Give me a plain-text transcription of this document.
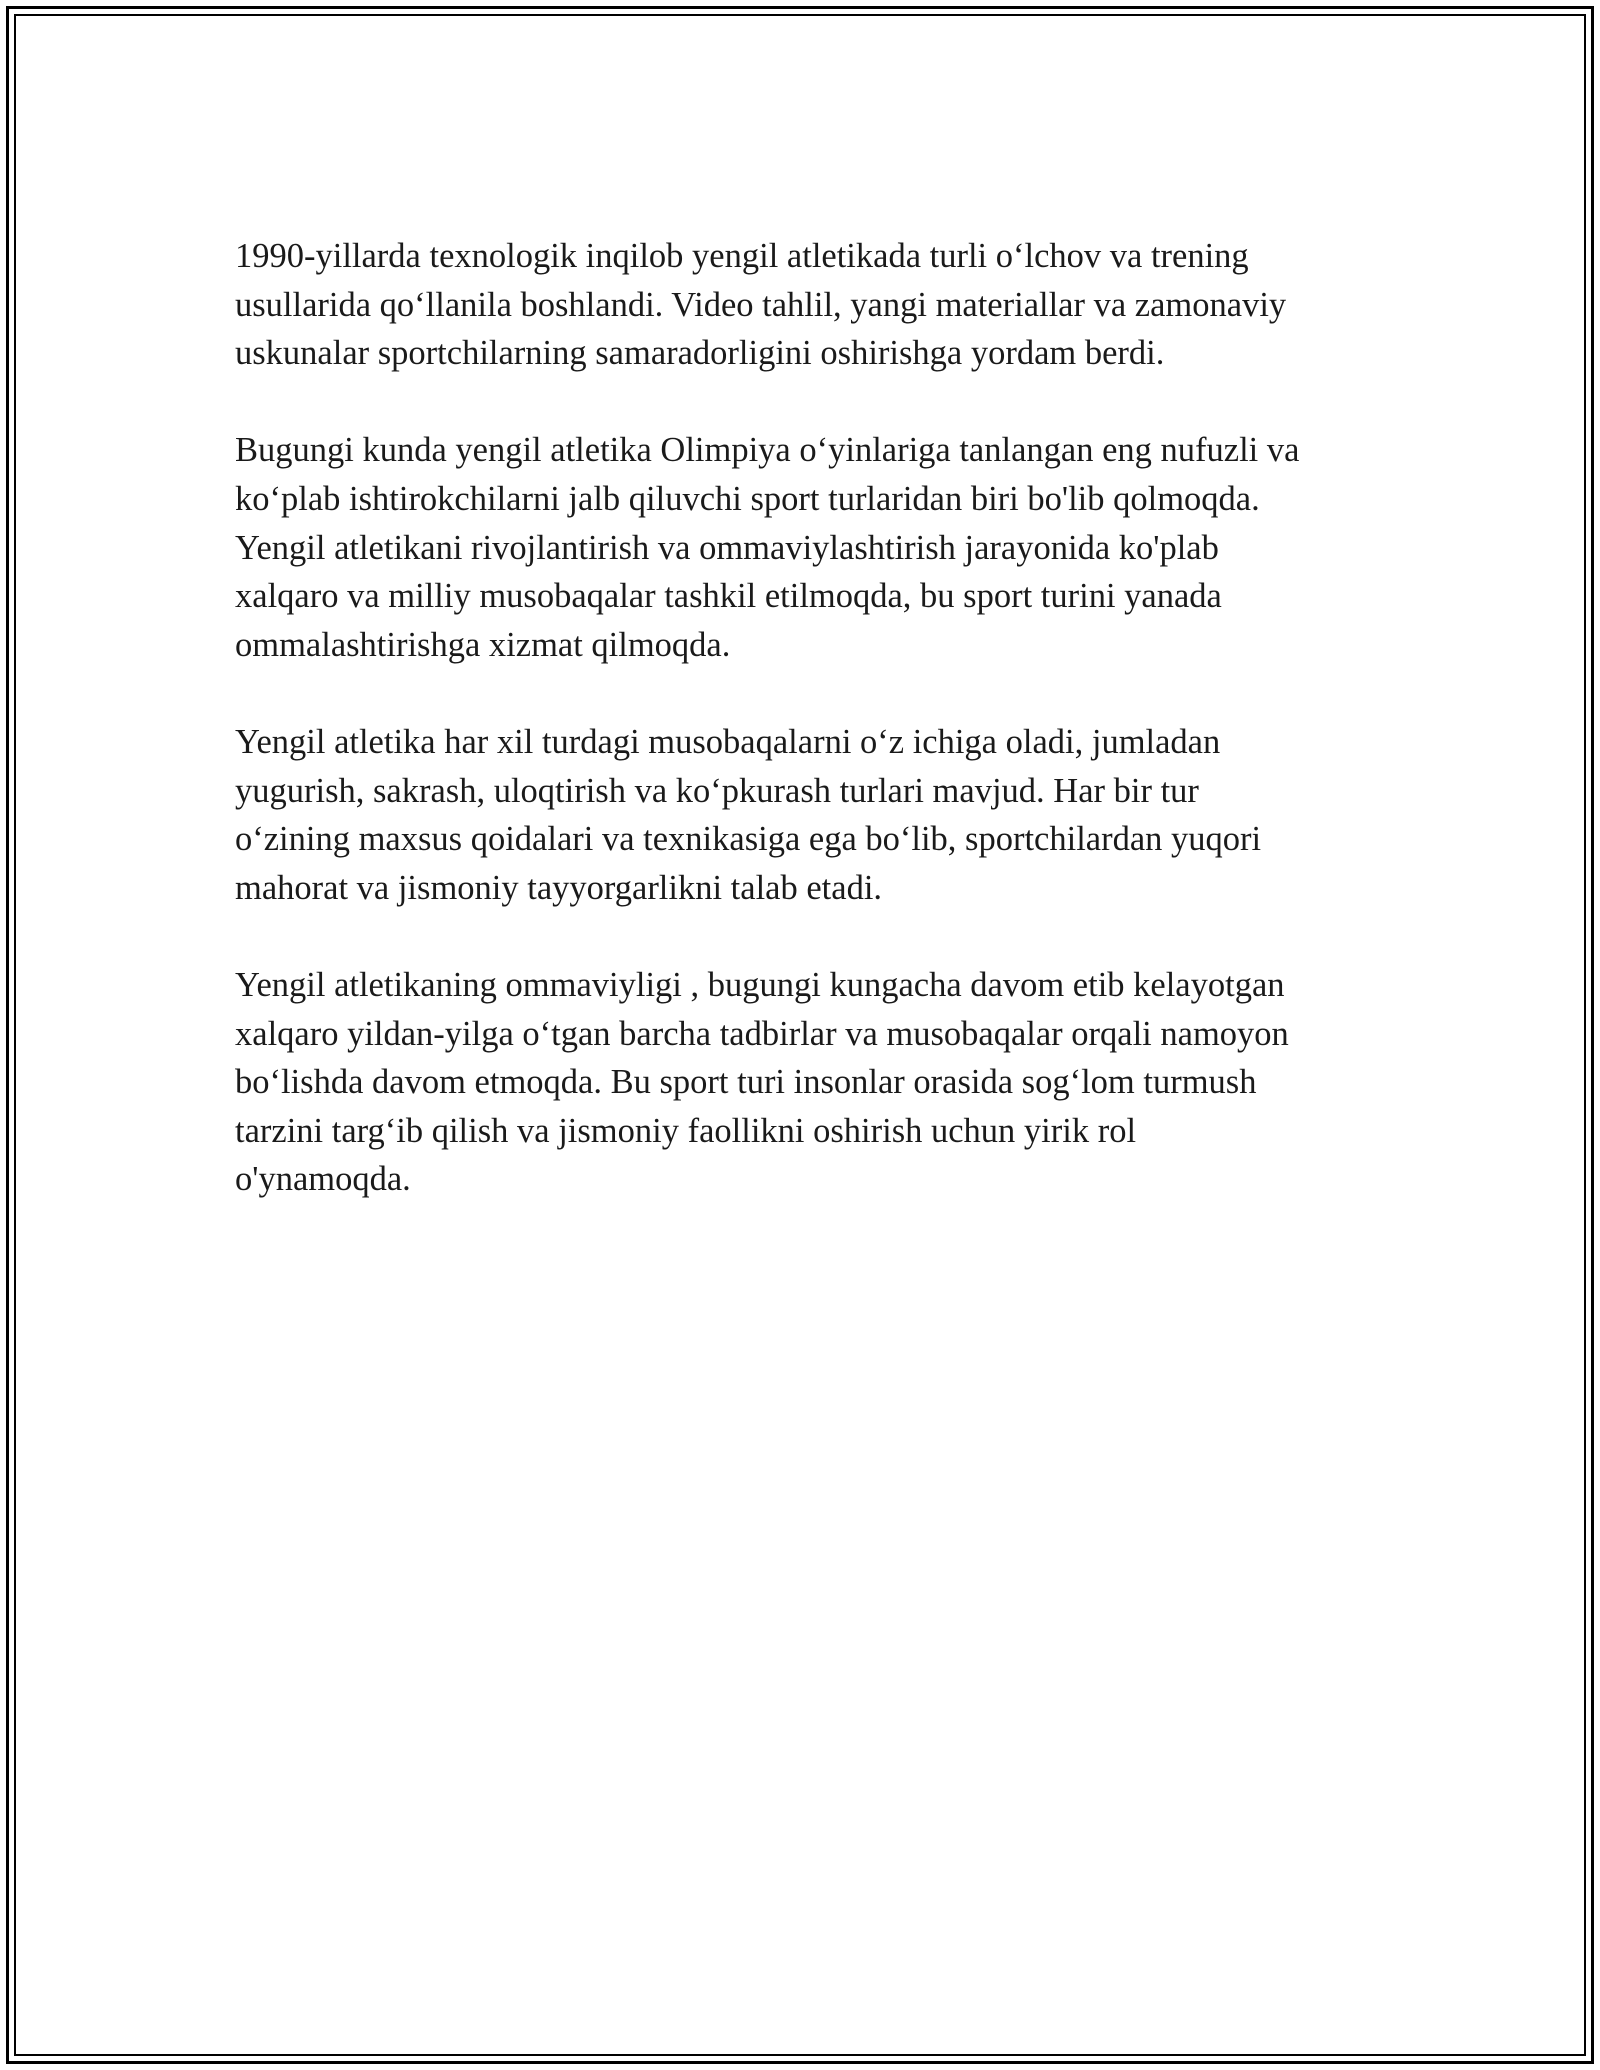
1990-yillarda texnologik inqilob yengil atletikada turli o‘lchov va trening
usullarida qo‘llanila boshlandi. Video tahlil, yangi materiallar va zamonaviy
uskunalar sportchilarning samaradorligini oshirishga yordam berdi.

Bugungi kunda yengil atletika Olimpiya o‘yinlariga tanlangan eng nufuzli va
ko‘plab ishtirokchilarni jalb qiluvchi sport turlaridan biri bo'lib qolmoqda.
Yengil atletikani rivojlantirish va ommaviylashtirish jarayonida ko'plab
xalqaro va milliy musobaqalar tashkil etilmoqda, bu sport turini yanada
ommalashtirishga xizmat qilmoqda.

Yengil atletika har xil turdagi musobaqalarni o‘z ichiga oladi, jumladan
yugurish, sakrash, uloqtirish va ko‘pkurash turlari mavjud. Har bir tur
o‘zining maxsus qoidalari va texnikasiga ega bo‘lib, sportchilardan yuqori
mahorat va jismoniy tayyorgarlikni talab etadi.

Yengil atletikaning ommaviyligi , bugungi kungacha davom etib kelayotgan
xalqaro yildan-yilga o‘tgan barcha tadbirlar va musobaqalar orqali namoyon
bo‘lishda davom etmoqda. Bu sport turi insonlar orasida sog‘lom turmush
tarzini targ‘ib qilish va jismoniy faollikni oshirish uchun yirik rol
o'ynamoqda.
